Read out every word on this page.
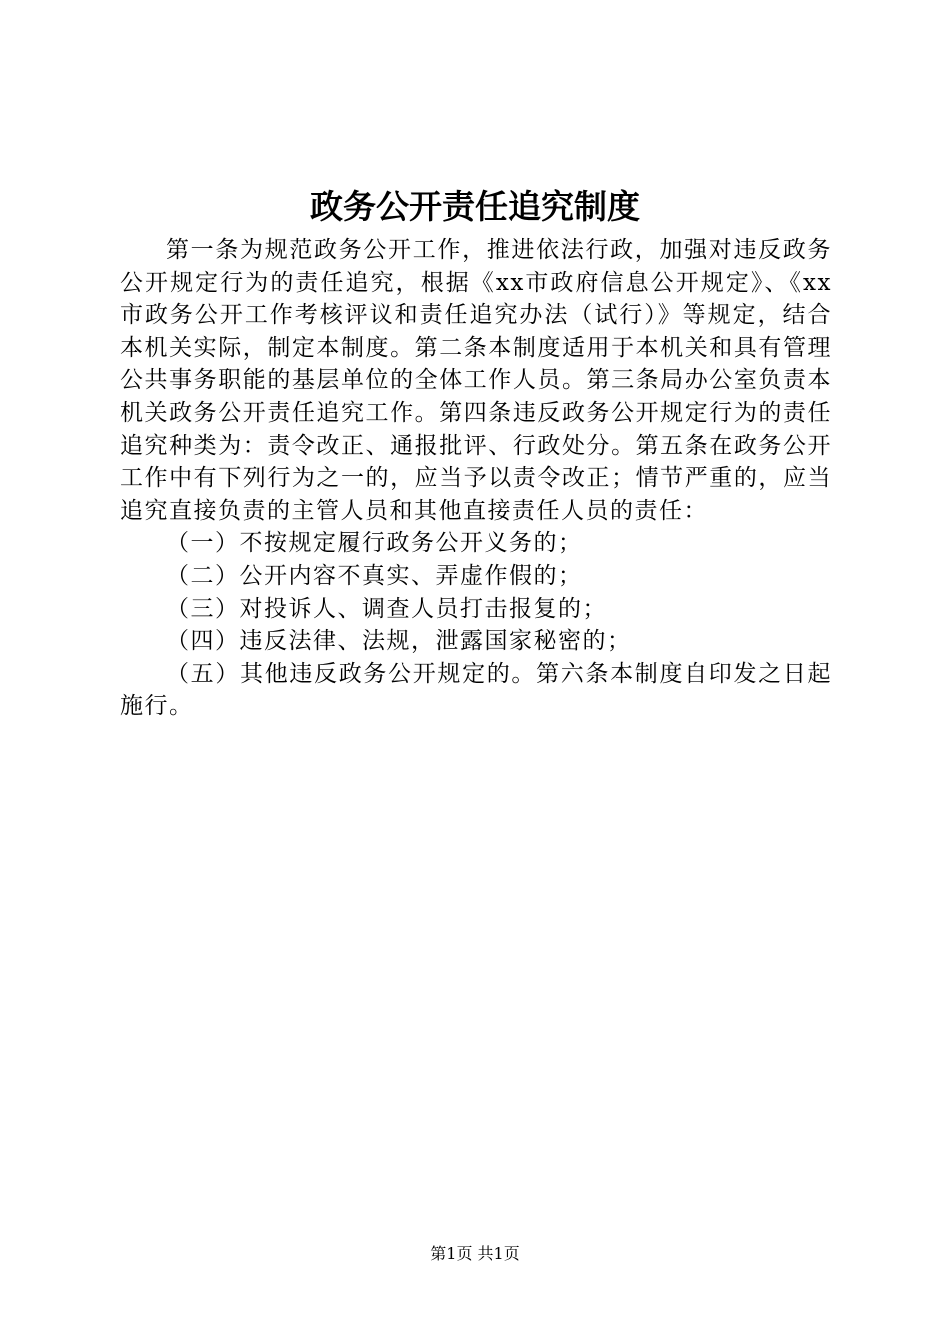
政务公开责任追究制度

第一条为规范政务公开工作，推进依法行政，加强对违反政务公开规定行为的责任追究，根据《xx市政府信息公开规定》、《xx市政务公开工作考核评议和责任追究办法（试行）》等规定，结合本机关实际，制定本制度。第二条本制度适用于本机关和具有管理公共事务职能的基层单位的全体工作人员。第三条局办公室负责本机关政务公开责任追究工作。第四条违反政务公开规定行为的责任追究种类为：责令改正、通报批评、行政处分。第五条在政务公开工作中有下列行为之一的，应当予以责令改正；情节严重的，应当追究直接负责的主管人员和其他直接责任人员的责任：

（一）不按规定履行政务公开义务的；

（二）公开内容不真实、弄虚作假的；

（三）对投诉人、调查人员打击报复的；

（四）违反法律、法规，泄露国家秘密的；

（五）其他违反政务公开规定的。第六条本制度自印发之日起施行。

第1页 共1页
